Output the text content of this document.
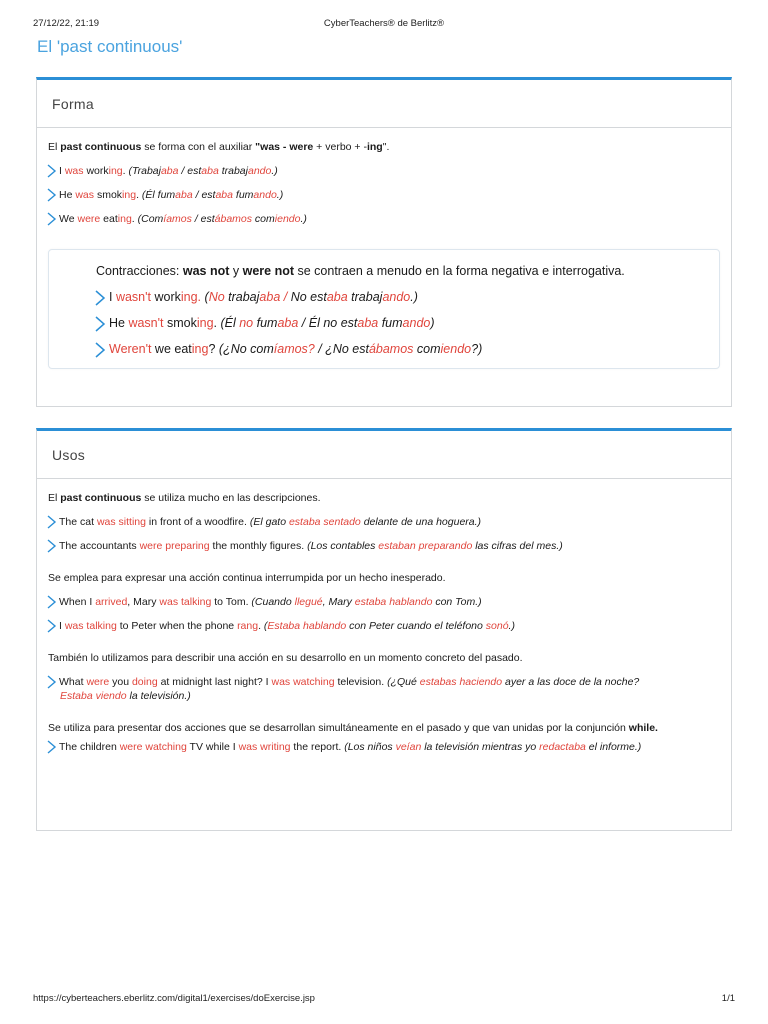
27/12/22, 21:19	CyberTeachers® de Berlitz®
El 'past continuous'
Forma

El past continuous se forma con el auxiliar "was - were + verbo + -ing".

I was working. (Trabajaba / estaba trabajando.)
He was smoking. (Él fumaba / estaba fumando.)
We were eating. (Comíamos / estábamos comiendo.)

Contracciones: was not y were not se contraen a menudo en la forma negativa e interrogativa.

I wasn't working. (No trabajaba / No estaba trabajando.)
He wasn't smoking. (Él no fumaba / Él no estaba fumando)
Weren't we eating? (¿No comíamos? / ¿No estábamos comiendo?)
Usos

El past continuous se utiliza mucho en las descripciones.

The cat was sitting in front of a woodfire. (El gato estaba sentado delante de una hoguera.)
The accountants were preparing the monthly figures. (Los contables estaban preparando las cifras del mes.)

Se emplea para expresar una acción continua interrumpida por un hecho inesperado.

When I arrived, Mary was talking to Tom. (Cuando llegué, Mary estaba hablando con Tom.)
I was talking to Peter when the phone rang. (Estaba hablando con Peter cuando el teléfono sonó.)

También lo utilizamos para describir una acción en su desarrollo en un momento concreto del pasado.

What were you doing at midnight last night? I was watching television. (¿Qué estabas haciendo ayer a las doce de la noche?
Estaba viendo la televisión.)

Se utiliza para presentar dos acciones que se desarrollan simultáneamente en el pasado y que van unidas por la conjunción while.

The children were watching TV while I was writing the report. (Los niños veían la televisión mientras yo redactaba el informe.)
https://cyberteachers.eberlitz.com/digital1/exercises/doExercise.jsp	1/1
